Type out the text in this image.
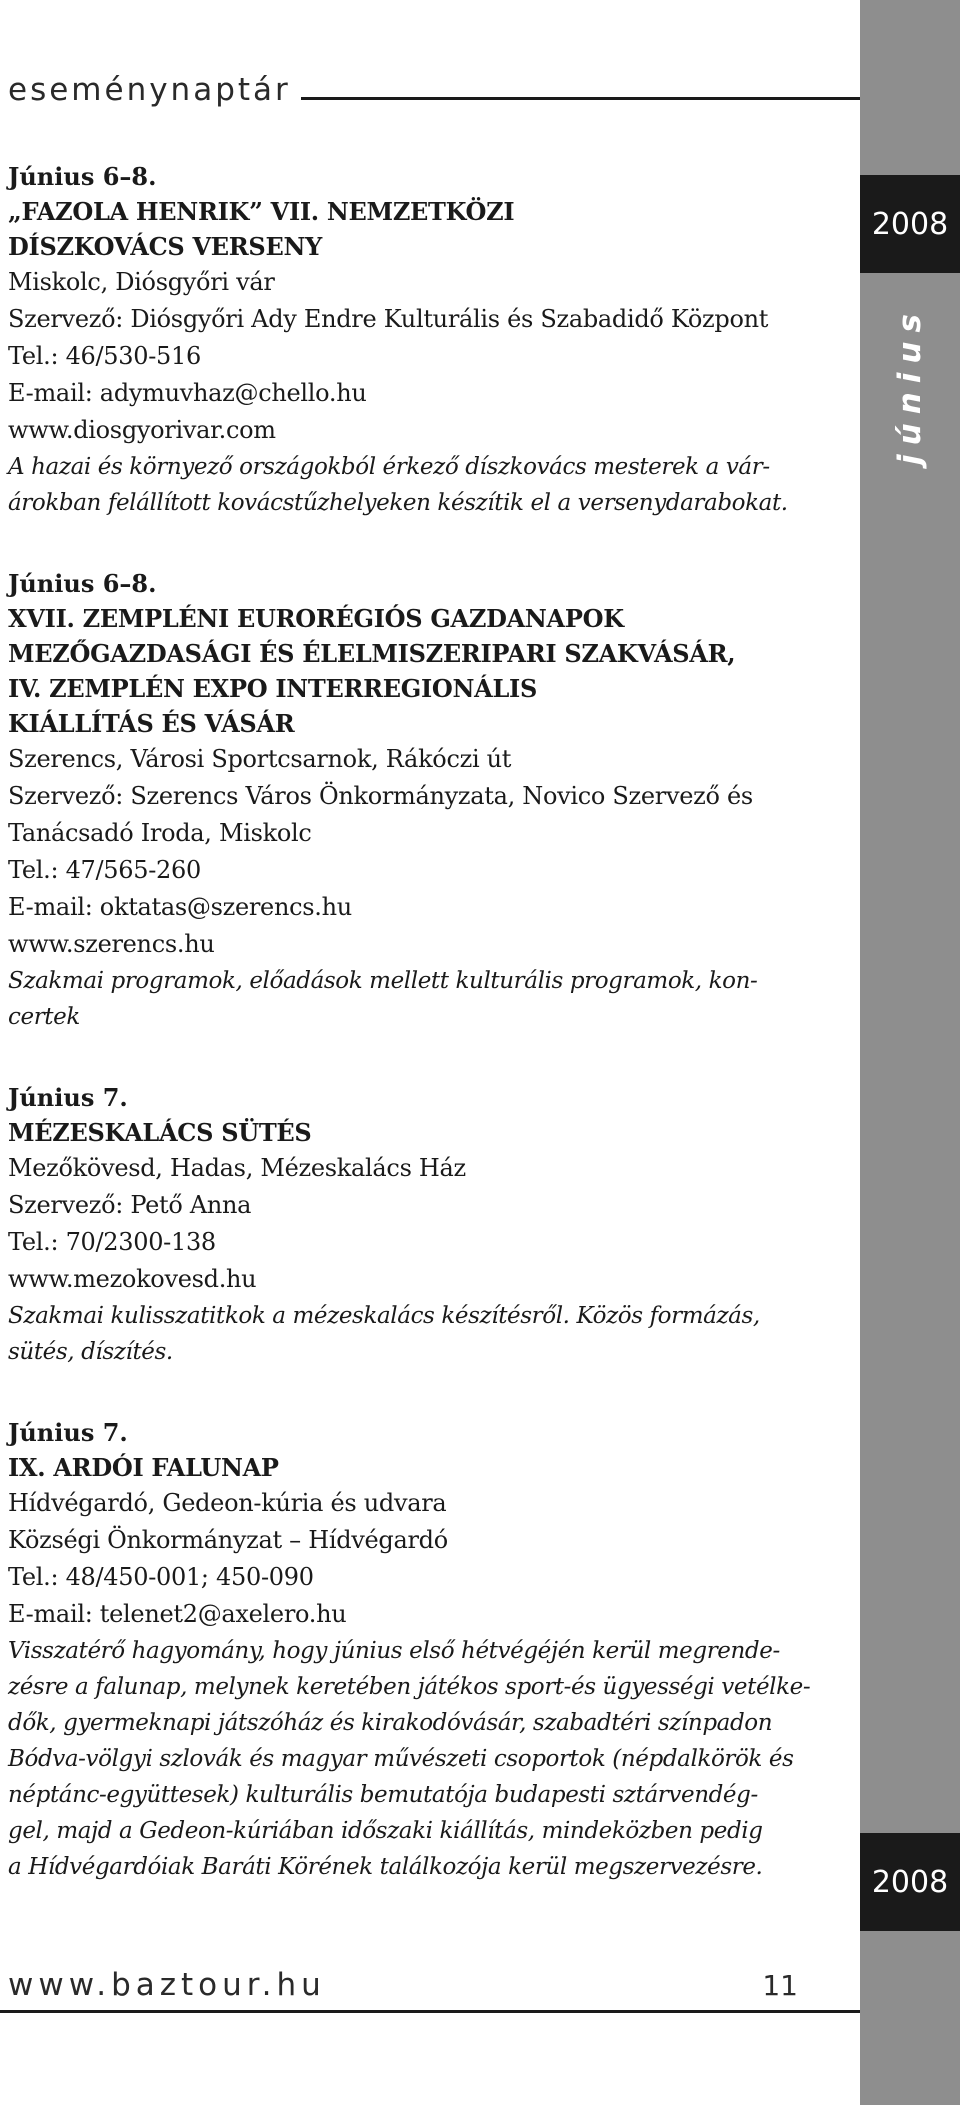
eseménynaptár
2008
június
2008

Június 6–8.

„FAZOLA HENRIK” VII. NEMZETKÖZI

DÍSZKOVÁCS VERSENY

Miskolc, Diósgyőri vár

Szervező: Diósgyőri Ady Endre Kulturális és Szabadidő Központ

Tel.: 46/530-516

E-mail: adymuvhaz@chello.hu

www.diosgyorivar.com

A hazai és környező országokból érkező díszkovács mesterek a vár-

árokban felállított kovácstűzhelyeken készítik el a versenydarabokat.

Június 6–8.

XVII. ZEMPLÉNI EURORÉGIÓS GAZDANAPOK

MEZŐGAZDASÁGI ÉS ÉLELMISZERIPARI SZAKVÁSÁR,

IV. ZEMPLÉN EXPO INTERREGIONÁLIS

KIÁLLÍTÁS ÉS VÁSÁR

Szerencs, Városi Sportcsarnok, Rákóczi út

Szervező: Szerencs Város Önkormányzata, Novico Szervező és

Tanácsadó Iroda, Miskolc

Tel.: 47/565-260

E-mail: oktatas@szerencs.hu

www.szerencs.hu

Szakmai programok, előadások mellett kulturális programok, kon-

certek

Június 7.

MÉZESKALÁCS SÜTÉS

Mezőkövesd, Hadas, Mézeskalács Ház

Szervező: Pető Anna

Tel.: 70/2300-138

www.mezokovesd.hu

Szakmai kulisszatitkok a mézeskalács készítésről. Közös formázás,

sütés, díszítés.

Június 7.

IX. ARDÓI FALUNAP

Hídvégardó, Gedeon-kúria és udvara

Községi Önkormányzat – Hídvégardó

Tel.: 48/450-001; 450-090

E-mail: telenet2@axelero.hu

Visszatérő hagyomány, hogy június első hétvégéjén kerül megrende-

zésre a falunap, melynek keretében játékos sport-és ügyességi vetélke-

dők, gyermeknapi játszóház és kirakodóvásár, szabadtéri színpadon

Bódva-völgyi szlovák és magyar művészeti csoportok (népdalkörök és

néptánc-együttesek) kulturális bemutatója budapesti sztárvendég-

gel, majd a Gedeon-kúriában időszaki kiállítás, mindeközben pedig

a Hídvégardóiak Baráti Körének találkozója kerül megszervezésre.

www.baztour.hu	11
